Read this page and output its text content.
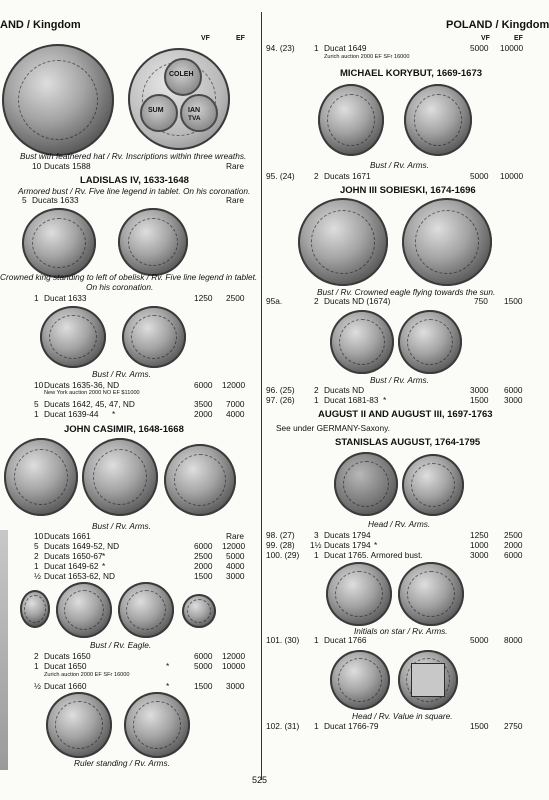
AND / Kingdom
VF	EF
COLEH
SUM	IAN
TVA
Bust with feathered hat / Rv. Inscriptions within three wreaths.
10 Ducats 1588	Rare
LADISLAS IV, 1633-1648
Armored bust / Rv. Five line legend in tablet. On his coronation.
5 Ducats 1633	Rare
Crowned king standing to left of obelisk / Rv. Five line legend in tablet.
On his coronation.
1 Ducat 1633	1250 2500
Bust / Rv. Arms.
10 Ducats 1635-36, ND	6000 12000
New York auction 2000 NO EF $11000
5 Ducats 1642, 45, 47, ND	3500 7000
1 Ducat 1639-44 *	2000 4000
JOHN CASIMIR, 1648-1668
Bust / Rv. Arms.
10 Ducats 1661	Rare
5 Ducats 1649-52, ND	6000 12000
2 Ducats 1650-67 *	2500 5000
1 Ducat 1649-62 *	2000 4000
½ Ducat 1653-62, ND	1500 3000
Bust / Rv. Eagle.
2 Ducats 1650	6000 12000
1 Ducat 1650	*	5000 10000
Zurich auction 2000 EF SFr 16000
½ Ducat 1660	*	1500 3000
Ruler standing / Rv. Arms.
POLAND / Kingdom
VF	EF
94. (23) 1 Ducat 1649	5000 10000
Zurich auction 2000 EF SFr 16000
MICHAEL KORYBUT, 1669-1673
Bust / Rv. Arms.
95. (24) 2 Ducats 1671	5000 10000
JOHN III SOBIESKI, 1674-1696
Bust / Rv. Crowned eagle flying towards the sun.
95a.	2 Ducats ND (1674)	750 1500
Bust / Rv. Arms.
96. (25) 2 Ducats ND	3000 6000
97. (26) 1 Ducat 1681-83 *	1500 3000
AUGUST II AND AUGUST III, 1697-1763
See under GERMANY-Saxony.
STANISLAS AUGUST, 1764-1795
Head / Rv. Arms.
98. (27) 3 Ducats 1794	1250 2500
99. (28) 1½ Ducats 1794 *	1000 2000
100. (29) 1 Ducat 1765. Armored bust.	3000 6000
Initials on star / Rv. Arms.
101. (30) 1 Ducat 1766	5000 8000
Head / Rv. Value in square.
102. (31) 1 Ducat 1766-79	1500 2750
525
